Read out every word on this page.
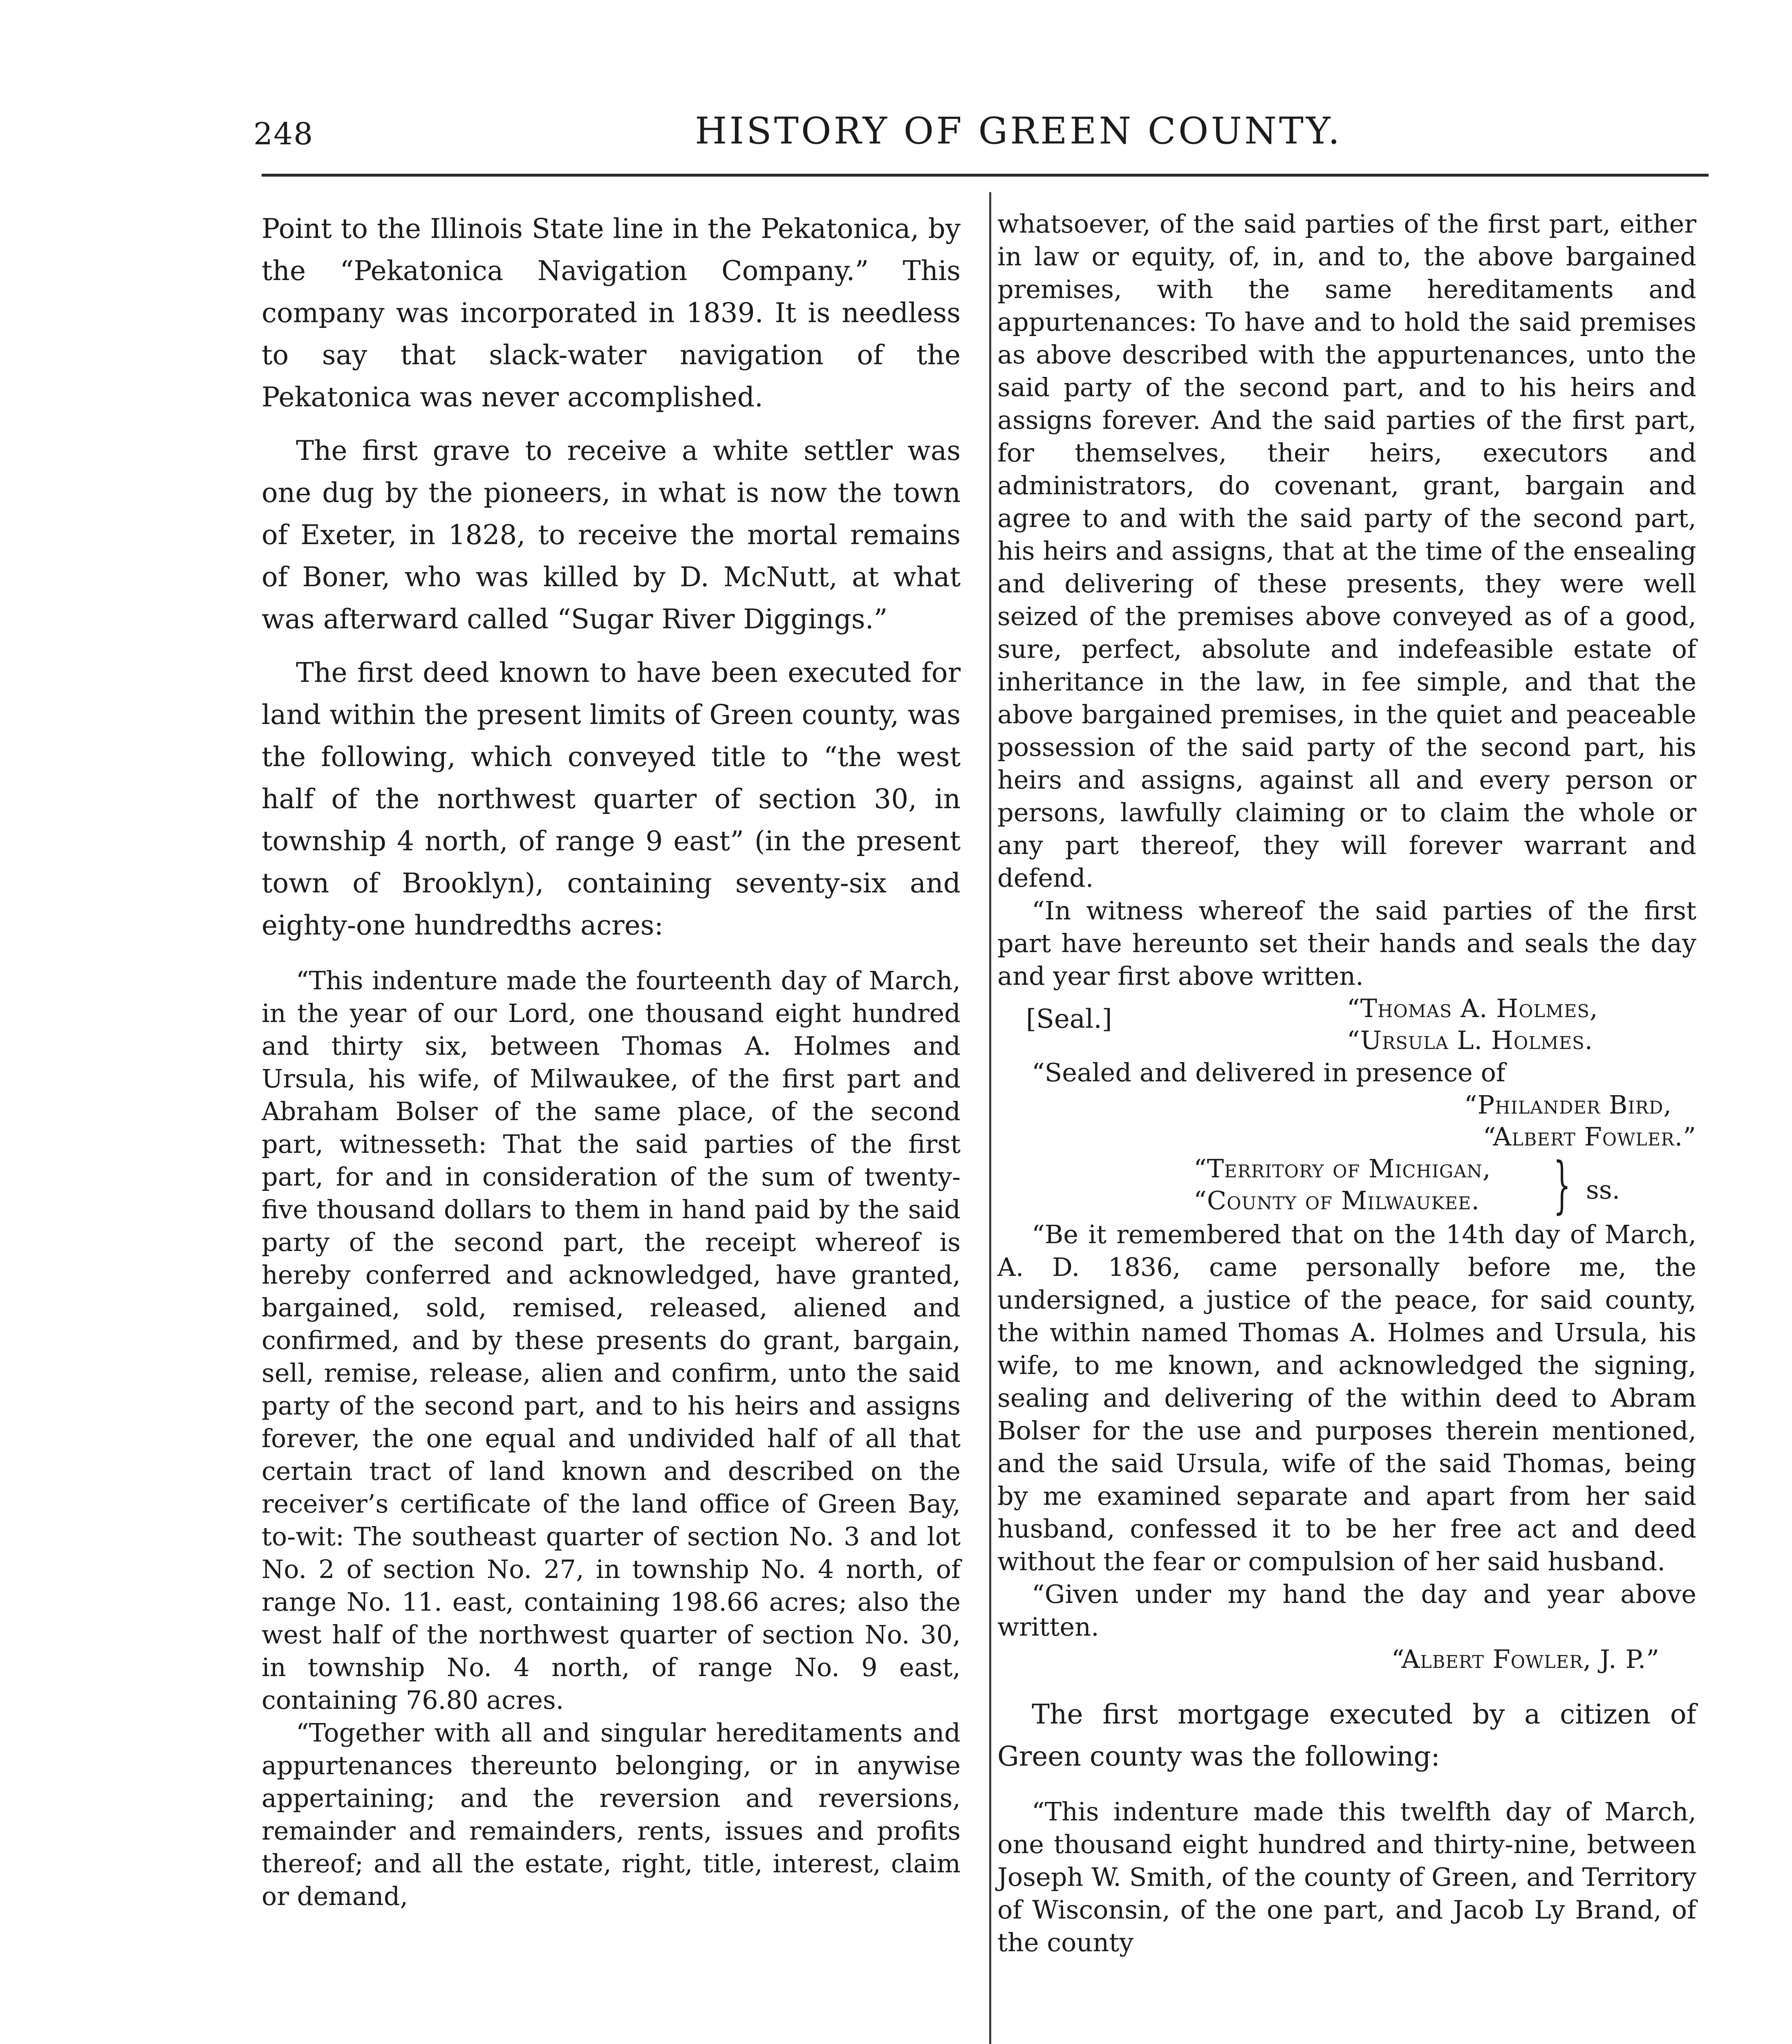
248	HISTORY OF GREEN COUNTY.

Point to the Illinois State line in the Pekatonica, by the “Pekatonica Navigation Company.” This company was incorporated in 1839. It is needless to say that slack-water navigation of the Pekatonica was never accomplished.

The first grave to receive a white settler was one dug by the pioneers, in what is now the town of Exeter, in 1828, to receive the mortal remains of Boner, who was killed by D. McNutt, at what was afterward called “Sugar River Diggings.”

The first deed known to have been executed for land within the present limits of Green county, was the following, which conveyed title to “the west half of the northwest quarter of section 30, in township 4 north, of range 9 east” (in the present town of Brooklyn), containing seventy-six and eighty-one hundredths acres:

“This indenture made the fourteenth day of March, in the year of our Lord, one thousand eight hundred and thirty six, between Thomas A. Holmes and Ursula, his wife, of Milwaukee, of the first part and Abraham Bolser of the same place, of the second part, witnesseth: That the said parties of the first part, for and in consideration of the sum of twenty-five thousand dollars to them in hand paid by the said party of the second part, the receipt whereof is hereby conferred and acknowledged, have granted, bargained, sold, remised, released, aliened and confirmed, and by these presents do grant, bargain, sell, remise, release, alien and confirm, unto the said party of the second part, and to his heirs and assigns forever, the one equal and undivided half of all that certain tract of land known and described on the receiver’s certificate of the land office of Green Bay, to-wit: The southeast quarter of section No. 3 and lot No. 2 of section No. 27, in township No. 4 north, of range No. 11. east, containing 198.66 acres; also the west half of the northwest quarter of section No. 30, in township No. 4 north, of range No. 9 east, containing 76.80 acres.

“Together with all and singular hereditaments and appurtenances thereunto belonging, or in anywise appertaining; and the reversion and reversions, remainder and remainders, rents, issues and profits thereof; and all the estate, right, title, interest, claim or demand,

whatsoever, of the said parties of the first part, either in law or equity, of, in, and to, the above bargained premises, with the same hereditaments and appurtenances: To have and to hold the said premises as above described with the appurtenances, unto the said party of the second part, and to his heirs and assigns forever. And the said parties of the first part, for themselves, their heirs, executors and administrators, do covenant, grant, bargain and agree to and with the said party of the second part, his heirs and assigns, that at the time of the ensealing and delivering of these presents, they were well seized of the premises above conveyed as of a good, sure, perfect, absolute and indefeasible estate of inheritance in the law, in fee simple, and that the above bargained premises, in the quiet and peaceable possession of the said party of the second part, his heirs and assigns, against all and every person or persons, lawfully claiming or to claim the whole or any part thereof, they will forever warrant and defend.

“In witness whereof the said parties of the first part have hereunto set their hands and seals the day and year first above written.

[Seal.]	“Thomas A. Holmes,
“Ursula L. Holmes.

“Sealed and delivered in presence of

“Philander Bird,
“Albert Fowler.”
“Territory of Michigan,
“County of Milwaukee. } ss.

“Be it remembered that on the 14th day of March, A. D. 1836, came personally before me, the undersigned, a justice of the peace, for said county, the within named Thomas A. Holmes and Ursula, his wife, to me known, and acknowledged the signing, sealing and delivering of the within deed to Abram Bolser for the use and purposes therein mentioned, and the said Ursula, wife of the said Thomas, being by me examined separate and apart from her said husband, confessed it to be her free act and deed without the fear or compulsion of her said husband.

“Given under my hand the day and year above written.

“Albert Fowler, J. P.”

The first mortgage executed by a citizen of Green county was the following:

“This indenture made this twelfth day of March, one thousand eight hundred and thirty-nine, between Joseph W. Smith, of the county of Green, and Territory of Wisconsin, of the one part, and Jacob Ly Brand, of the county
